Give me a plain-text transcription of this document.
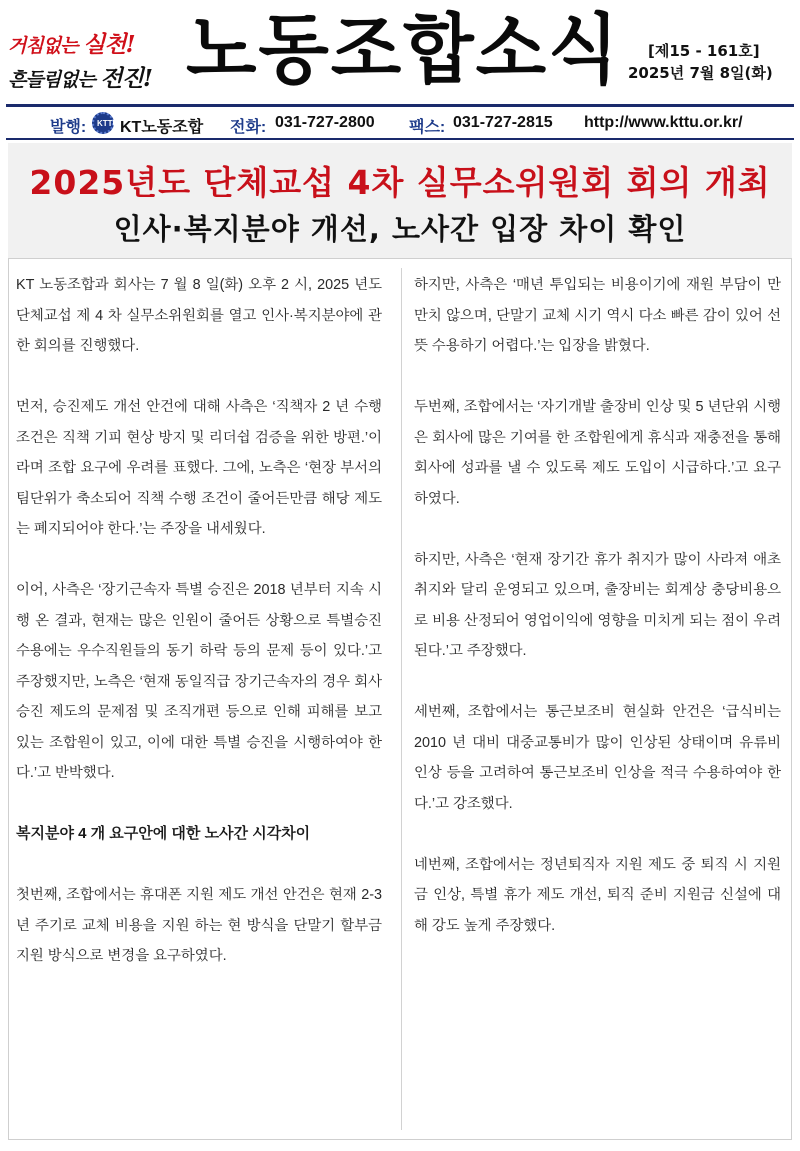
거침없는 실천!
흔들림없는 전진! 노동조합소식 [제15 - 161호]
2025년 7월 8일(화)
발행: KTTU KT노동조합 전화: 031-727-2800 팩스: 031-727-2815 http://www.kttu.or.kr/
2025년도 단체교섭 4차 실무소위원회 회의 개최
인사·복지분야 개선, 노사간 입장 차이 확인

KT 노동조합과 회사는 7 월 8 일(화) 오후 2 시, 2025 년도 단체교섭 제 4 차 실무소위원회를 열고 인사·복지분야에 관한 회의를 진행했다.

먼저, 승진제도 개선 안건에 대해 사측은 ‘직책자 2 년 수행 조건은 직책 기피 현상 방지 및 리더쉽 검증을 위한 방편.’이라며 조합 요구에 우려를 표했다. 그에, 노측은 ‘현장 부서의 팀단위가 축소되어 직책 수행 조건이 줄어든만큼 해당 제도는 폐지되어야 한다.’는 주장을 내세웠다.

이어, 사측은 ‘장기근속자 특별 승진은 2018 년부터 지속 시행 온 결과, 현재는 많은 인원이 줄어든 상황으로 특별승진 수용에는 우수직원들의 동기 하락 등의 문제 등이 있다.’고 주장했지만, 노측은 ‘현재 동일직급 장기근속자의 경우 회사 승진 제도의 문제점 및 조직개편 등으로 인해 피해를 보고 있는 조합원이 있고, 이에 대한 특별 승진을 시행하여야 한다.’고 반박했다.

복지분야 4 개 요구안에 대한 노사간 시각차이

첫번째, 조합에서는 휴대폰 지원 제도 개선 안건은 현재 2-3 년 주기로 교체 비용을 지원 하는 현 방식을 단말기 할부금 지원 방식으로 변경을 요구하였다.

하지만, 사측은 ‘매년 투입되는 비용이기에 재원 부담이 만만치 않으며, 단말기 교체 시기 역시 다소 빠른 감이 있어 선뜻 수용하기 어렵다.’는 입장을 밝혔다.

두번째, 조합에서는 ‘자기개발 출장비 인상 및 5 년단위 시행은 회사에 많은 기여를 한 조합원에게 휴식과 재충전을 통해 회사에 성과를 낼 수 있도록 제도 도입이 시급하다.’고 요구하였다.

하지만, 사측은 ‘현재 장기간 휴가 취지가 많이 사라져 애초 취지와 달리 운영되고 있으며, 출장비는 회계상 충당비용으로 비용 산정되어 영업이익에 영향을 미치게 되는 점이 우려된다.’고 주장했다.

세번째, 조합에서는 통근보조비 현실화 안건은 ‘급식비는 2010 년 대비 대중교통비가 많이 인상된 상태이며 유류비 인상 등을 고려하여 통근보조비 인상을 적극 수용하여야 한다.’고 강조했다.

네번째, 조합에서는 정년퇴직자 지원 제도 중 퇴직 시 지원금 인상, 특별 휴가 제도 개선, 퇴직 준비 지원금 신설에 대해 강도 높게 주장했다.
